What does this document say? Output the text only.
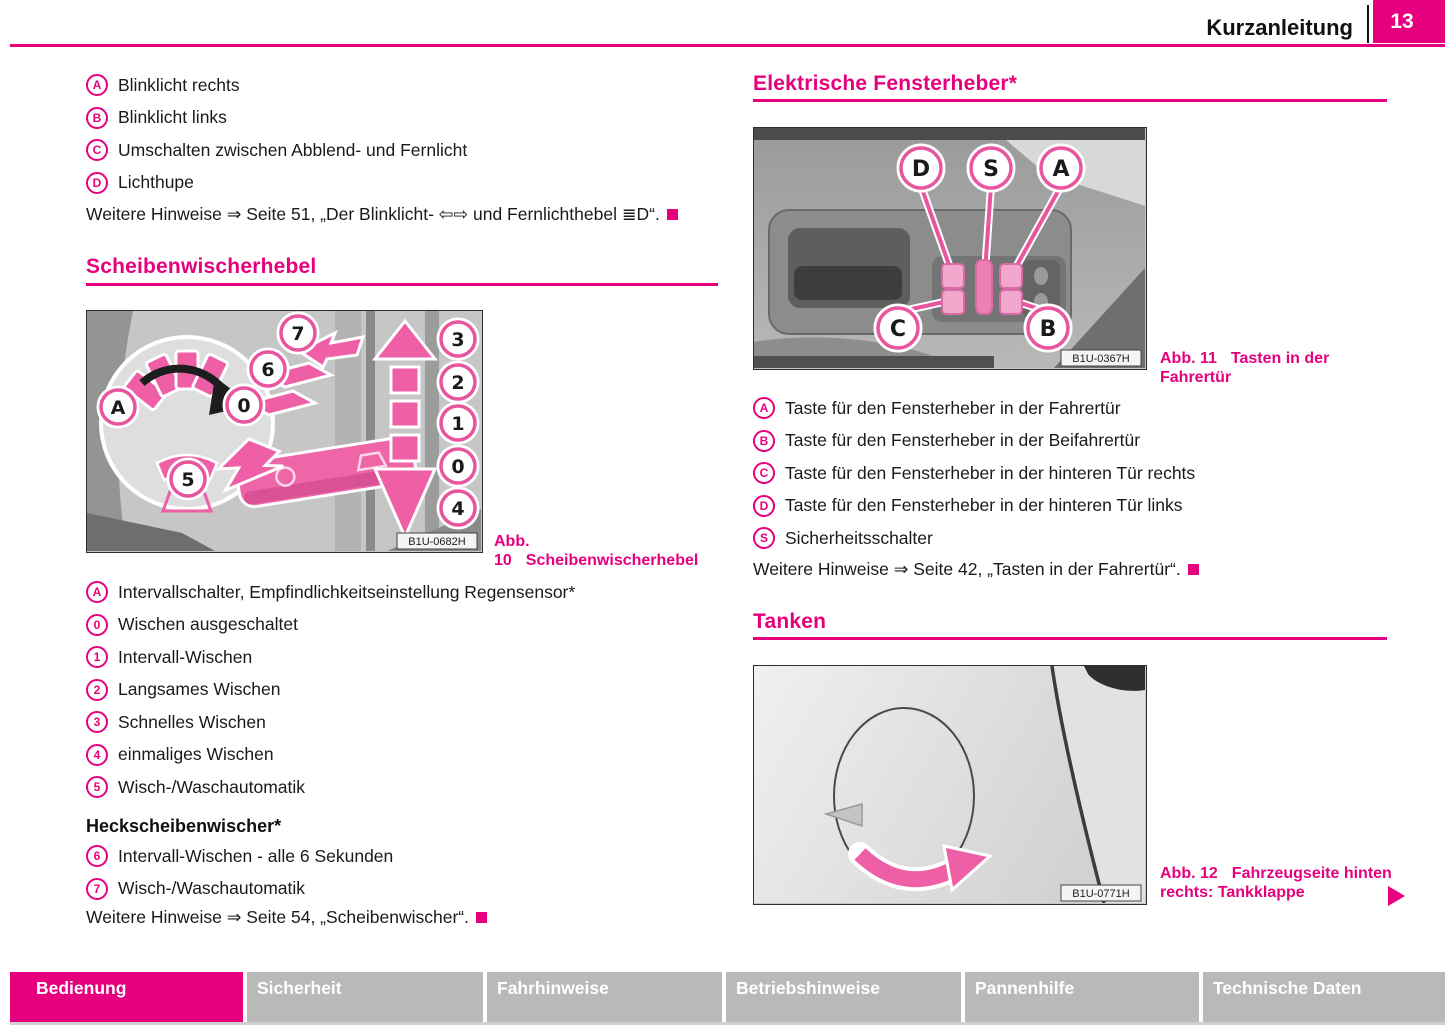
Kurzanleitung 13
A Blinklicht rechts
B Blinklicht links
C Umschalten zwischen Abblend- und Fernlicht
D Lichthupe
Weitere Hinweise ⇒ Seite 51, „Der Blinklicht- ⇦⇨ und Fernlichthebel ≣D“.
Scheibenwischerhebel
A
7
6
0
5
3
2
1
0
4
B1U-0682H Abb. 10 Scheibenwischerhebel
A Intervallschalter, Empfindlichkeitseinstellung Regensensor*
0	Wischen ausgeschaltet
1	Intervall-Wischen
2	Langsames Wischen
3	Schnelles Wischen
4	einmaliges Wischen
5	Wisch-/Waschautomatik
Heckscheibenwischer*
6	Intervall-Wischen - alle 6 Sekunden
7	Wisch-/Waschautomatik
Weitere Hinweise ⇒ Seite 54, „Scheibenwischer“.
Elektrische Fensterheber*
D S A
C	B
B1U-0367H Abb. 11 Tasten in der Fahrertür
A Taste für den Fensterheber in der Fahrertür
B Taste für den Fensterheber in der Beifahrertür
C Taste für den Fensterheber in der hinteren Tür rechts
D Taste für den Fensterheber in der hinteren Tür links
S Sicherheitsschalter
Weitere Hinweise ⇒ Seite 42, „Tasten in der Fahrertür“.
Tanken
B1U-0771H
Abb. 12 Fahrzeugseite hinten
rechts: Tankklappe
Bedienung	Sicherheit	Fahrhinweise	Betriebshinweise	Pannenhilfe	Technische Daten
